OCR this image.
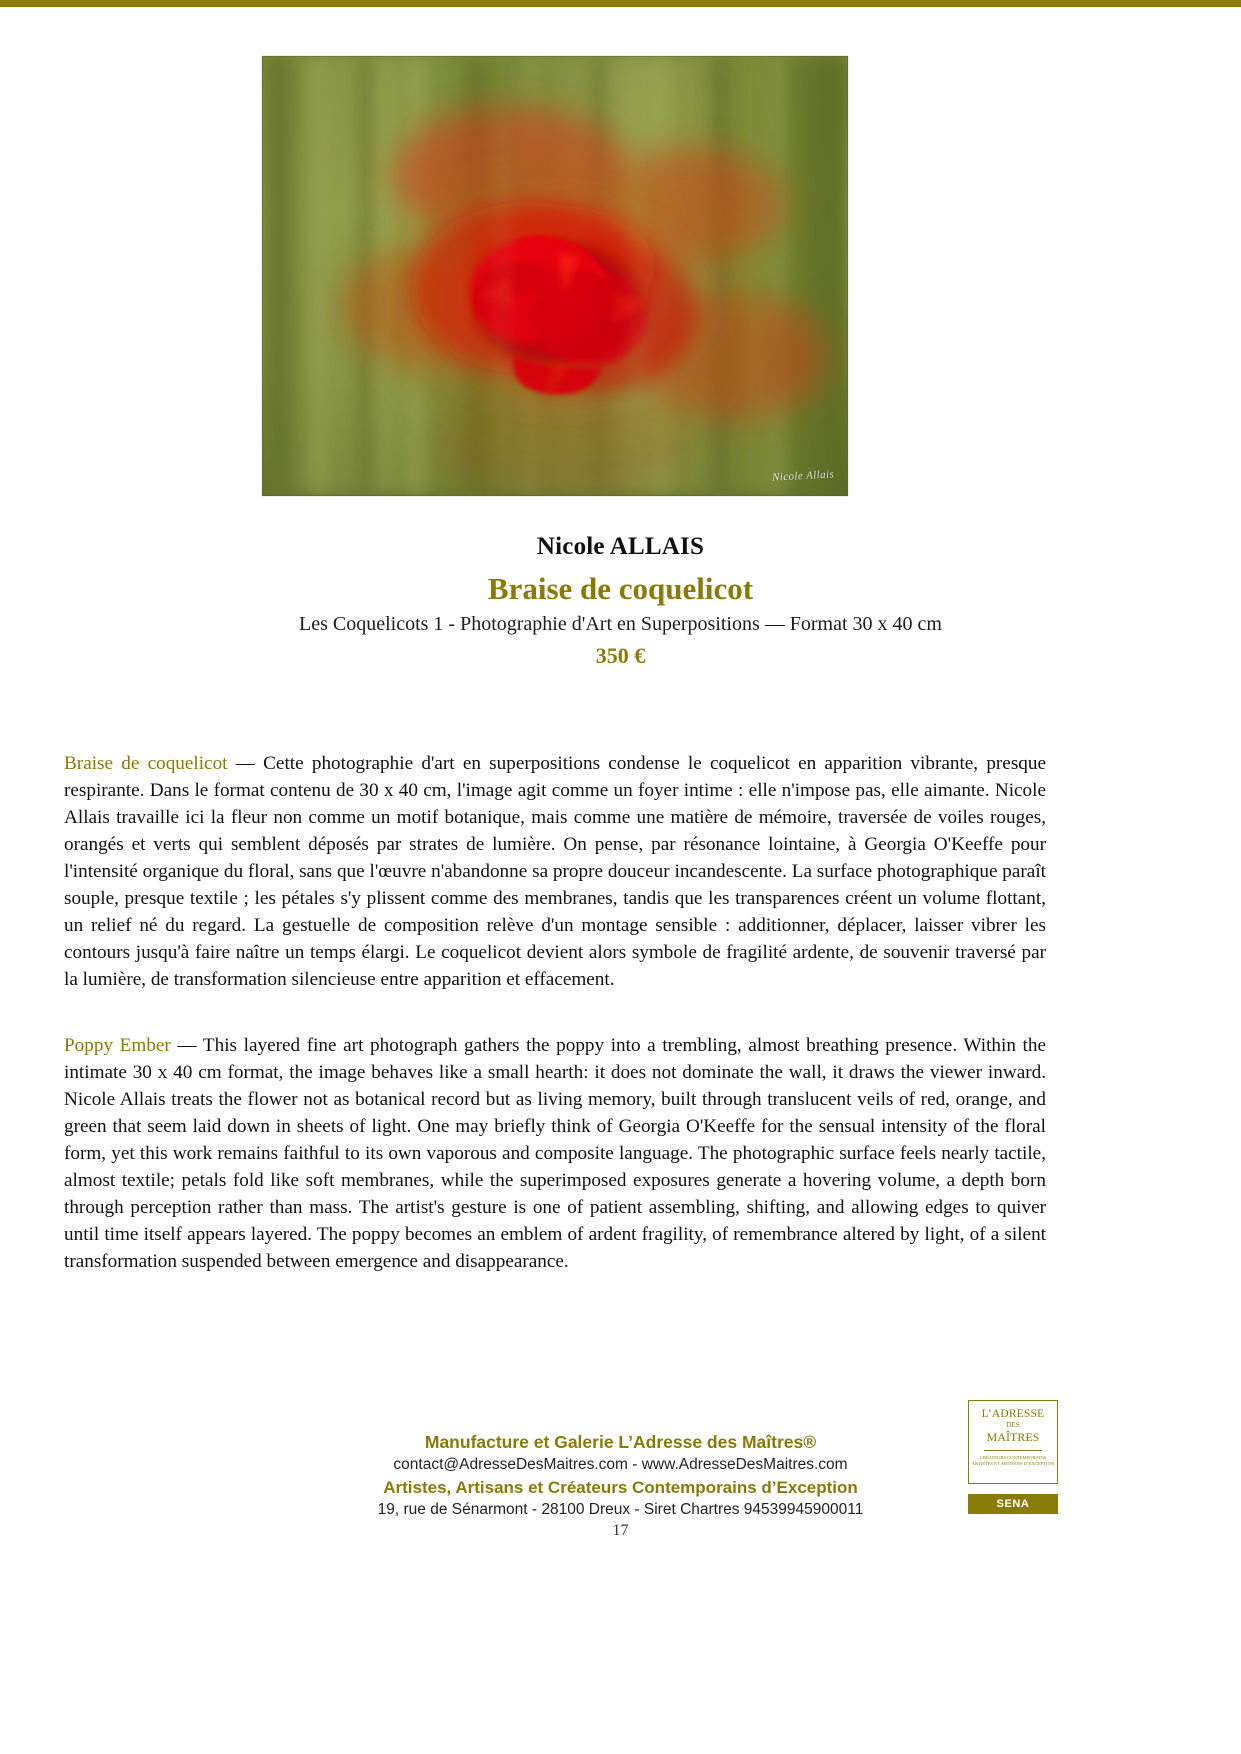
Nicole Allais
Nicole ALLAIS
Braise de coquelicot
Les Coquelicots 1 - Photographie d'Art en Superpositions — Format 30 x 40 cm
350 €

Braise de coquelicot — Cette photographie d'art en superpositions condense le coquelicot en apparition vibrante, presque respirante. Dans le format contenu de 30 x 40 cm, l'image agit comme un foyer intime : elle n'impose pas, elle aimante. Nicole Allais travaille ici la fleur non comme un motif botanique, mais comme une matière de mémoire, traversée de voiles rouges, orangés et verts qui semblent déposés par strates de lumière. On pense, par résonance lointaine, à Georgia O'Keeffe pour l'intensité organique du floral, sans que l'œuvre n'abandonne sa propre douceur incandescente. La surface photographique paraît souple, presque textile ; les pétales s'y plissent comme des membranes, tandis que les transparences créent un volume flottant, un relief né du regard. La gestuelle de composition relève d'un montage sensible : additionner, déplacer, laisser vibrer les contours jusqu'à faire naître un temps élargi. Le coquelicot devient alors symbole de fragilité ardente, de souvenir traversé par la lumière, de transformation silencieuse entre apparition et effacement.

Poppy Ember — This layered fine art photograph gathers the poppy into a trembling, almost breathing presence. Within the intimate 30 x 40 cm format, the image behaves like a small hearth: it does not dominate the wall, it draws the viewer inward. Nicole Allais treats the flower not as botanical record but as living memory, built through translucent veils of red, orange, and green that seem laid down in sheets of light. One may briefly think of Georgia O'Keeffe for the sensual intensity of the floral form, yet this work remains faithful to its own vaporous and composite language. The photographic surface feels nearly tactile, almost textile; petals fold like soft membranes, while the superimposed exposures generate a hovering volume, a depth born through perception rather than mass. The artist's gesture is one of patient assembling, shifting, and allowing edges to quiver until time itself appears layered. The poppy becomes an emblem of ardent fragility, of remembrance altered by light, of a silent transformation suspended between emergence and disappearance.

L’ADRESSE
DES
MAÎTRES
CRÉATEURS CONTEMPORAINS ARTISTES ET ARTISANS D’EXCEPTION
SENA
Manufacture et Galerie L’Adresse des Maîtres®
contact@AdresseDesMaitres.com - www.AdresseDesMaitres.com
Artistes, Artisans et Créateurs Contemporains d’Exception
19, rue de Sénarmont - 28100 Dreux - Siret Chartres 94539945900011
17
